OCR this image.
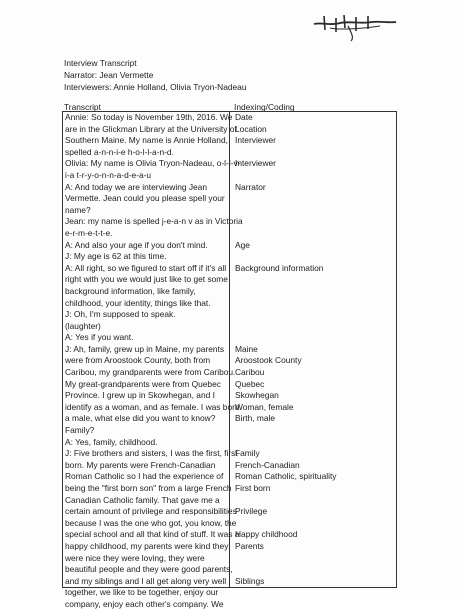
Interview Transcript
Narrator: Jean Vermette
Interviewers: Annie Holland, Olivia Tryon-Nadeau
Transcript	Indexing/Coding
Annie: So today is November 19th, 2016. We
are in the Glickman Library at the University of
Southern Maine. My name is Annie Holland,
spelled a-n-n-i-e h-o-l-l-a-n-d.
Olivia: My name is Olivia Tryon-Nadeau, o-l-i-v-
i-a t-r-y-o-n-n-a-d-e-a-u
A: And today we are interviewing Jean
Vermette. Jean could you please spell your
name?
Jean: my name is spelled j-e-a-n v as in Victoria
e-r-m-e-t-t-e.
A: And also your age if you don't mind.
J: My age is 62 at this time.
A: All right, so we figured to start off if it's all
right with you we would just like to get some
background information, like family,
childhood, your identity, things like that.
J: Oh, I'm supposed to speak.
(laughter)
A: Yes if you want.
J: Ah, family, grew up in Maine, my parents
were from Aroostook County, both from
Caribou, my grandparents were from Caribou.
My great-grandparents were from Quebec
Province. I grew up in Skowhegan, and I
identify as a woman, and as female. I was born
a male, what else did you want to know?
Family?
A: Yes, family, childhood.
J: Five brothers and sisters, I was the first, first
born. My parents were French-Canadian
Roman Catholic so I had the experience of
being the "first born son" from a large French
Canadian Catholic family. That gave me a
certain amount of privilege and responsibilities
because I was the one who got, you know, the
special school and all that kind of stuff. It was a
happy childhood, my parents were kind they
were nice they were loving, they were
beautiful people and they were good parents,
and my siblings and I all get along very well
together, we like to be together, enjoy our
company, enjoy each other's company. We
Date
Location
Interviewer
Interviewer
Narrator
Age
Background information
Maine
Aroostook County
Caribou
Quebec
Skowhegan
Woman, female
Birth, male
Family
French-Canadian
Roman Catholic, spirituality
First born
Privilege
Happy childhood
Parents
Siblings
